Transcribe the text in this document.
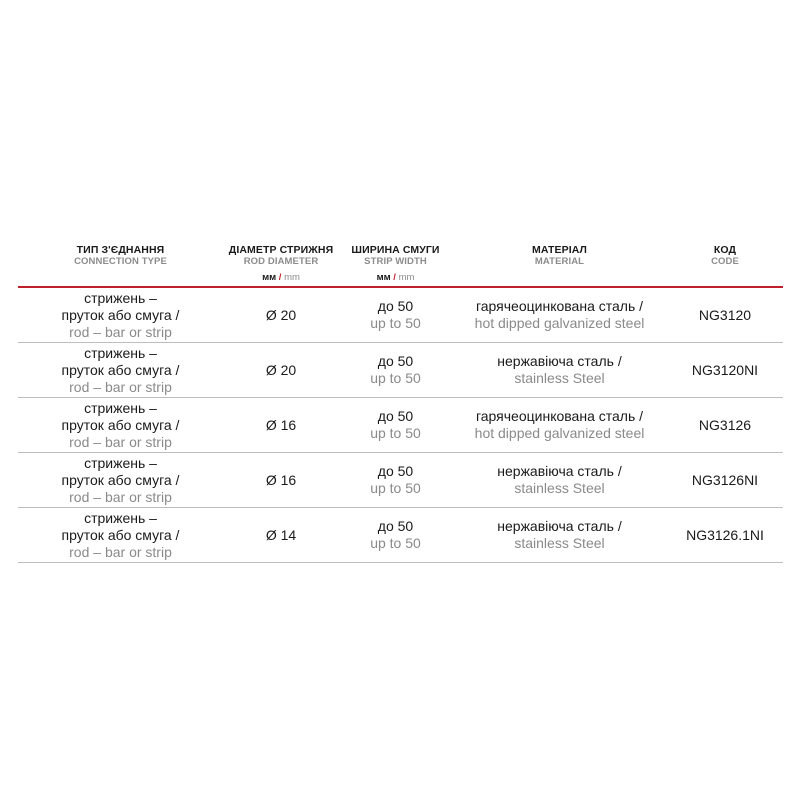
ТИП З'ЄДНАННЯ
CONNECTION TYPE
ДІАМЕТР СТРИЖНЯ
ROD DIAMETER
мм / mm
ШИРИНА СМУГИ
STRIP WIDTH
мм / mm
МАТЕРІАЛ
MATERIAL
КОД
CODE
стрижень –
пруток або смуга /
rod – bar or strip
Ø 20
до 50
up to 50
гарячеоцинкована сталь /
hot dipped galvanized steel
NG3120
стрижень –
пруток або смуга /
rod – bar or strip
Ø 20
до 50
up to 50
нержавіюча сталь /
stainless Steel
NG3120NI
стрижень –
пруток або смуга /
rod – bar or strip
Ø 16
до 50
up to 50
гарячеоцинкована сталь /
hot dipped galvanized steel
NG3126
стрижень –
пруток або смуга /
rod – bar or strip
Ø 16
до 50
up to 50
нержавіюча сталь /
stainless Steel
NG3126NI
стрижень –
пруток або смуга /
rod – bar or strip
Ø 14
до 50
up to 50
нержавіюча сталь /
stainless Steel
NG3126.1NI
